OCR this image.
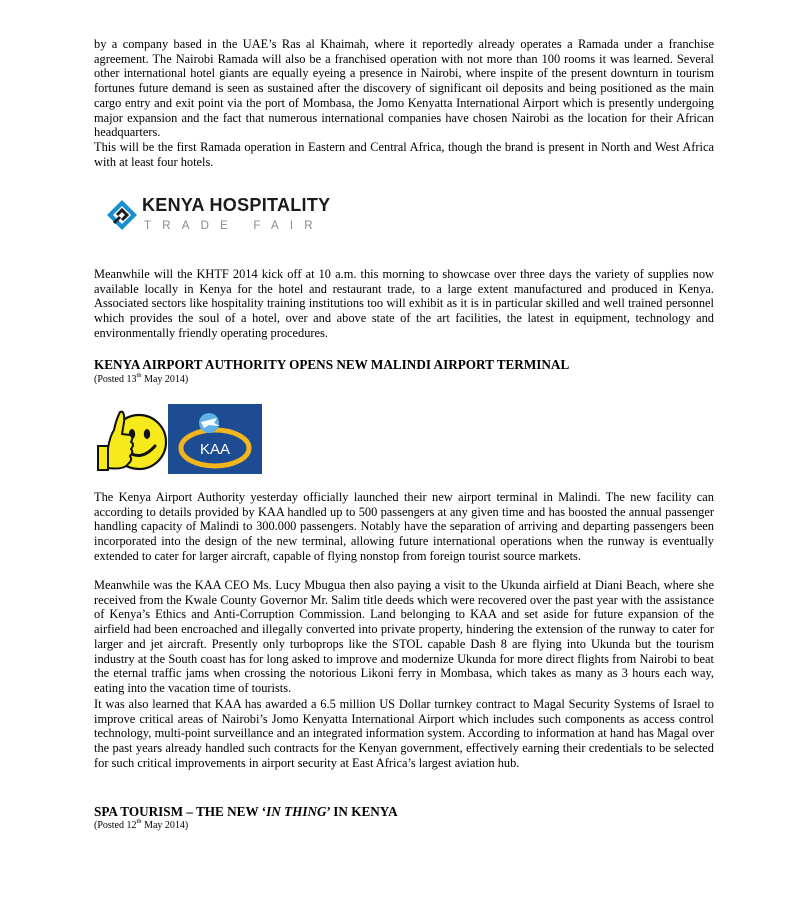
by a company based in the UAE’s Ras al Khaimah, where it reportedly already operates a Ramada under a franchise agreement. The Nairobi Ramada will also be a franchised operation with not more than 100 rooms it was learned. Several other international hotel giants are equally eyeing a presence in Nairobi, where inspite of the present downturn in tourism fortunes future demand is seen as sustained after the discovery of significant oil deposits and being positioned as the main cargo entry and exit point via the port of Mombasa, the Jomo Kenyatta International Airport which is presently undergoing major expansion and the fact that numerous international companies have chosen Nairobi as the location for their African headquarters.

This will be the first Ramada operation in Eastern and Central Africa, though the brand is present in North and West Africa with at least four hotels.

KENYA HOSPITALITY
TRADE FAIR

Meanwhile will the KHTF 2014 kick off at 10 a.m. this morning to showcase over three days the variety of supplies now available locally in Kenya for the hotel and restaurant trade, to a large extent manufactured and produced in Kenya. Associated sectors like hospitality training institutions too will exhibit as it is in particular skilled and well trained personnel which provides the soul of a hotel, over and above state of the art facilities, the latest in equipment, technology and environmentally friendly operating procedures.

KENYA AIRPORT AUTHORITY OPENS NEW MALINDI AIRPORT TERMINAL

(Posted 13th May 2014)

KAA

The Kenya Airport Authority yesterday officially launched their new airport terminal in Malindi. The new facility can according to details provided by KAA handled up to 500 passengers at any given time and has boosted the annual passenger handling capacity of Malindi to 300.000 passengers. Notably have the separation of arriving and departing passengers been incorporated into the design of the new terminal, allowing future international operations when the runway is eventually extended to cater for larger aircraft, capable of flying nonstop from foreign tourist source markets.

Meanwhile was the KAA CEO Ms. Lucy Mbugua then also paying a visit to the Ukunda airfield at Diani Beach, where she received from the Kwale County Governor Mr. Salim title deeds which were recovered over the past year with the assistance of Kenya’s Ethics and Anti-Corruption Commission. Land belonging to KAA and set aside for future expansion of the airfield had been encroached and illegally converted into private property, hindering the extension of the runway to cater for larger and jet aircraft. Presently only turboprops like the STOL capable Dash 8 are flying into Ukunda but the tourism industry at the South coast has for long asked to improve and modernize Ukunda for more direct flights from Nairobi to beat the eternal traffic jams when crossing the notorious Likoni ferry in Mombasa, which takes as many as 3 hours each way, eating into the vacation time of tourists.

It was also learned that KAA has awarded a 6.5 million US Dollar turnkey contract to Magal Security Systems of Israel to improve critical areas of Nairobi’s Jomo Kenyatta International Airport which includes such components as access control technology, multi-point surveillance and an integrated information system. According to information at hand has Magal over the past years already handled such contracts for the Kenyan government, effectively earning their credentials to be selected for such critical improvements in airport security at East Africa’s largest aviation hub.

SPA TOURISM – THE NEW ‘IN THING’ IN KENYA

(Posted 12th May 2014)
